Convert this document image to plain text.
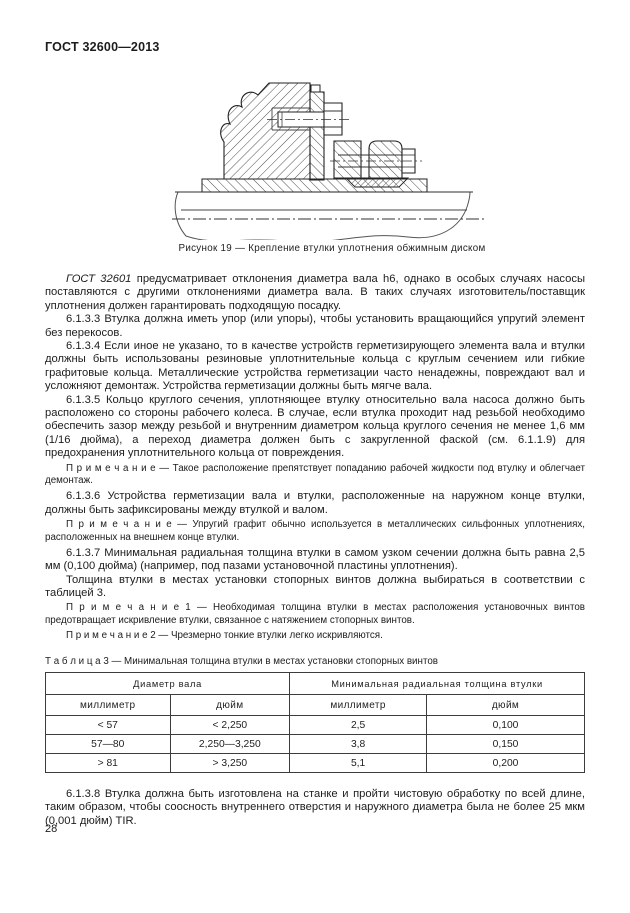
ГОСТ 32600—2013
Рисунок 19 — Крепление втулки уплотнения обжимным диском

ГОСТ 32601 предусматривает отклонения диаметра вала h6, однако в особых случаях насосы поставляются с другими отклонениями диаметра вала. В таких случаях изготовитель/поставщик уплотнения должен гарантировать подходящую посадку.

6.1.3.3 Втулка должна иметь упор (или упоры), чтобы установить вращающийся упругий элемент без перекосов.

6.1.3.4 Если иное не указано, то в качестве устройств герметизирующего элемента вала и втулки должны быть использованы резиновые уплотнительные кольца с круглым сечением или гибкие графитовые кольца. Металлические устройства герметизации часто ненадежны, повреждают вал и усложняют демонтаж. Устройства герметизации должны быть мягче вала.

6.1.3.5 Кольцо круглого сечения, уплотняющее втулку относительно вала насоса должно быть расположено со стороны рабочего колеса. В случае, если втулка проходит над резьбой необходимо обеспечить зазор между резьбой и внутренним диаметром кольца круглого сечения не менее 1,6 мм (1/16 дюйма), а переход диаметра должен быть с закругленной фаской (см. 6.1.1.9) для предохранения уплотнительного кольца от повреждения.

П р и м е ч а н и е — Такое расположение препятствует попаданию рабочей жидкости под втулку и облегчает демонтаж.

6.1.3.6 Устройства герметизации вала и втулки, расположенные на наружном конце втулки, должны быть зафиксированы между втулкой и валом.

П р и м е ч а н и е — Упругий графит обычно используется в металлических сильфонных уплотнениях, расположенных на внешнем конце втулки.

6.1.3.7 Минимальная радиальная толщина втулки в самом узком сечении должна быть равна 2,5 мм (0,100 дюйма) (например, под пазами установочной пластины уплотнения).

Толщина втулки в местах установки стопорных винтов должна выбираться в соответствии с таблицей 3.

П р и м е ч а н и е 1 — Необходимая толщина втулки в местах расположения установочных винтов предотвращает искривление втулки, связанное с натяжением стопорных винтов.

П р и м е ч а н и е 2 — Чрезмерно тонкие втулки легко искривляются.

Т а б л и ц а 3 — Минимальная толщина втулки в местах установки стопорных винтов
Диаметр вала		Минимальная радиальная толщина втулки	
миллиметр	дюйм	миллиметр	дюйм
< 57	< 2,250	2,5	0,100
57—80	2,250—3,250	3,8	0,150
> 81	> 3,250	5,1	0,200

6.1.3.8 Втулка должна быть изготовлена на станке и пройти чистовую обработку по всей длине, таким образом, чтобы соосность внутреннего отверстия и наружного диаметра была не более 25 мкм (0,001 дюйм) TIR.

28
